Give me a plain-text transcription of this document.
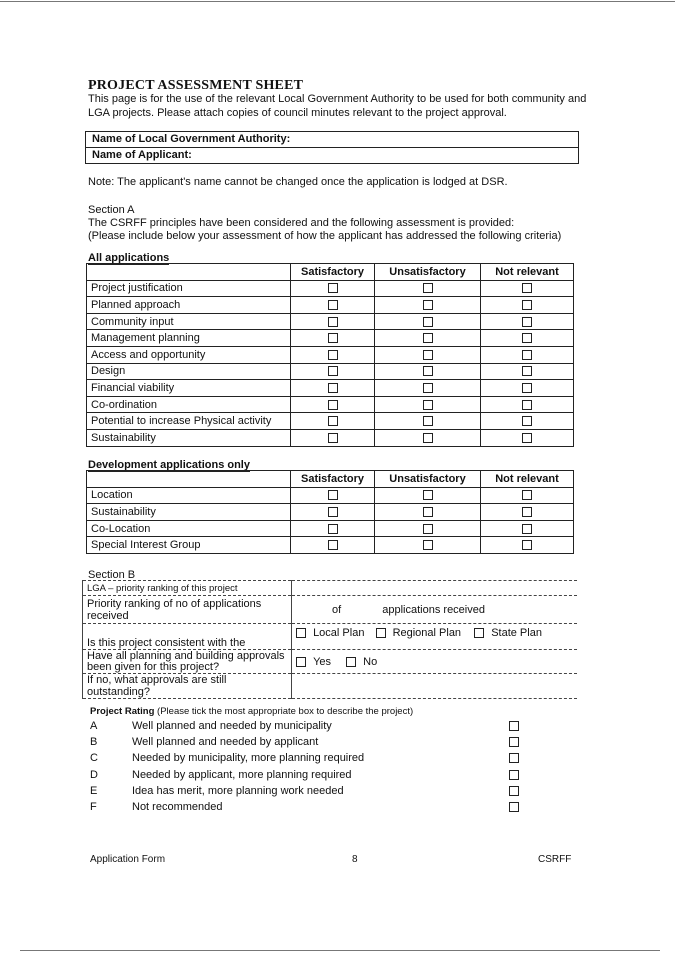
PROJECT ASSESSMENT SHEET
This page is for the use of the relevant Local Government Authority to be used for both community and LGA projects. Please attach copies of council minutes relevant to the project approval.
Name of Local Government Authority:
Name of Applicant:
Note: The applicant's name cannot be changed once the application is lodged at DSR.
Section A
The CSRFF principles have been considered and the following assessment is provided:
(Please include below your assessment of how the applicant has addressed the following criteria)
All applications
	Satisfactory	Unsatisfactory	Not relevant
Project justification			
Planned approach			
Community input			
Management planning			
Access and opportunity			
Design			
Financial viability			
Co-ordination			
Potential to increase Physical activity			
Sustainability			
Development applications only
	Satisfactory	Unsatisfactory	Not relevant
Location			
Sustainability			
Co-Location			
Special Interest Group			
Section B
LGA – priority ranking of this project	
Priority ranking of no of applications received	of applications received
Is this project consistent with the	Local Plan Regional Plan State Plan
Have all planning and building approvals been given for this project?	Yes No
If no, what approvals are still outstanding?	
Project Rating (Please tick the most appropriate box to describe the project)
A	Well planned and needed by municipality
B	Well planned and needed by applicant
C	Needed by municipality, more planning required
D	Needed by applicant, more planning required
E	Idea has merit, more planning work needed
F	Not recommended
Application Form	8	CSRFF
